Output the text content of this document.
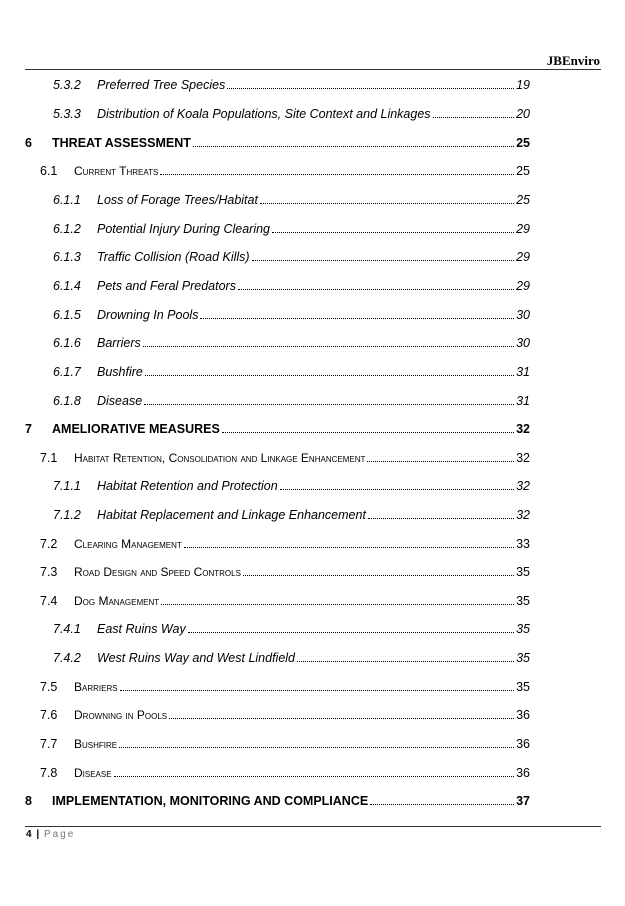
JBEnviro
5.3.2	Preferred Tree Species	19
5.3.3	Distribution of Koala Populations, Site Context and Linkages	20
6	THREAT ASSESSMENT	25
6.1	Current Threats	25
6.1.1	Loss of Forage Trees/Habitat	25
6.1.2	Potential Injury During Clearing	29
6.1.3	Traffic Collision (Road Kills)	29
6.1.4	Pets and Feral Predators	29
6.1.5	Drowning In Pools	30
6.1.6	Barriers	30
6.1.7	Bushfire	31
6.1.8	Disease	31
7	AMELIORATIVE MEASURES	32
7.1	Habitat Retention, Consolidation and Linkage Enhancement	32
7.1.1	Habitat Retention and Protection	32
7.1.2	Habitat Replacement and Linkage Enhancement	32
7.2	Clearing Management	33
7.3	Road Design and Speed Controls	35
7.4	Dog Management	35
7.4.1	East Ruins Way	35
7.4.2	West Ruins Way and West Lindfield	35
7.5	Barriers	35
7.6	Drowning in Pools	36
7.7	Bushfire	36
7.8	Disease	36
8	IMPLEMENTATION, MONITORING AND COMPLIANCE	37
4 | Page
